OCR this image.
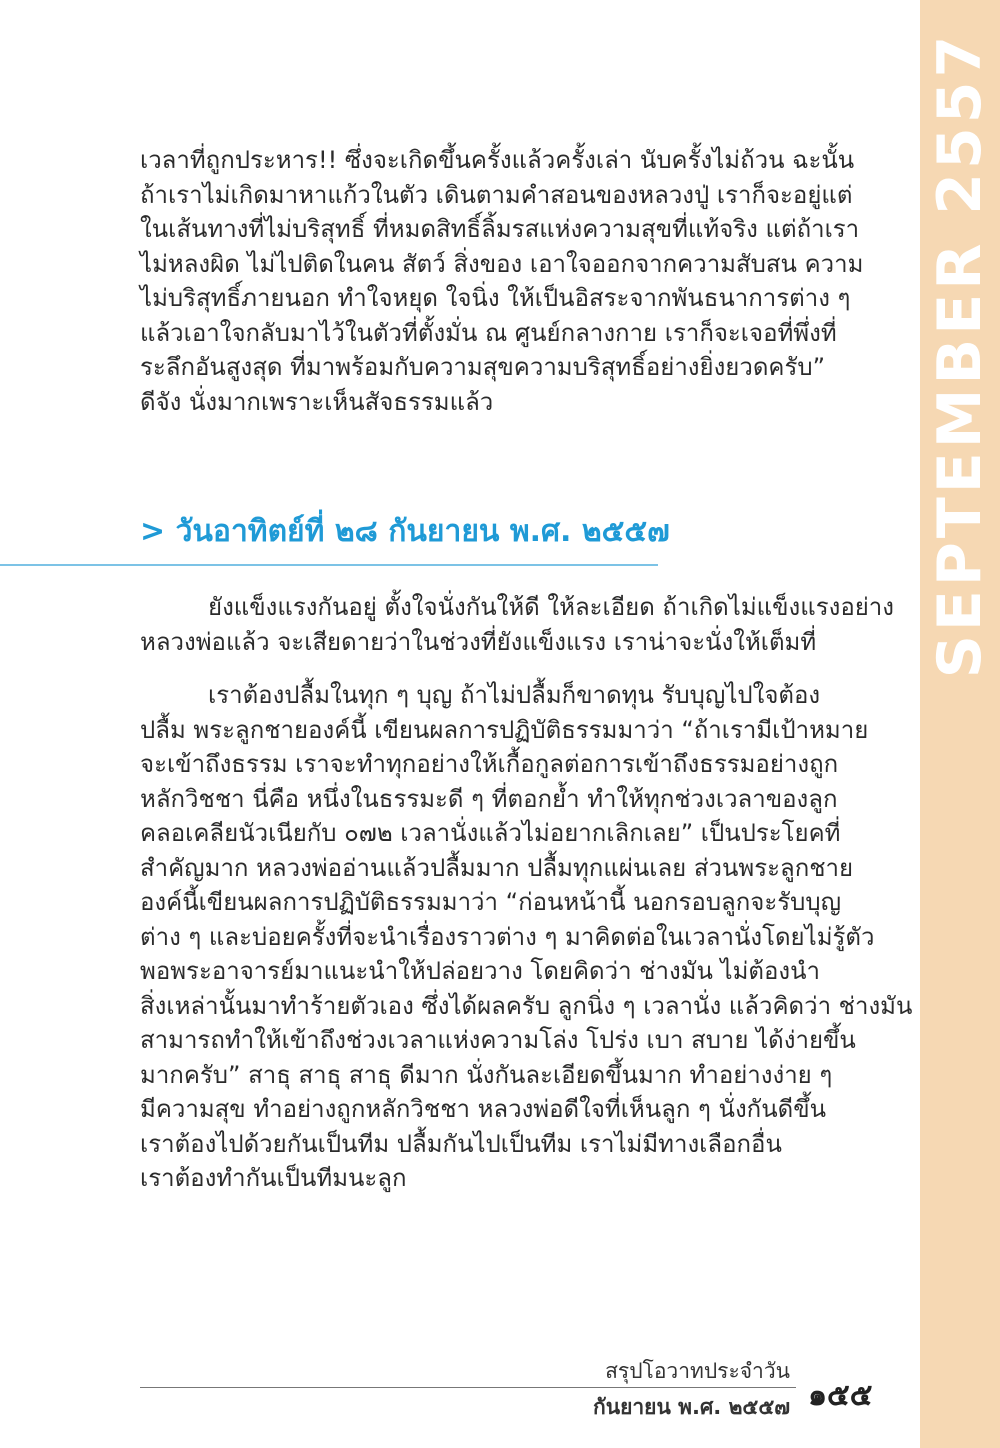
SEPTEMBER 2557
เวลาที่ถูกประหาร!! ซึ่งจะเกิดขึ้นครั้งแล้วครั้งเล่า นับครั้งไม่ถ้วน ฉะนั้น
ถ้าเราไม่เกิดมาหาแก้วในตัว เดินตามคำสอนของหลวงปู่ เราก็จะอยู่แต่
ในเส้นทางที่ไม่บริสุทธิ์ ที่หมดสิทธิ์ลิ้มรสแห่งความสุขที่แท้จริง แต่ถ้าเรา
ไม่หลงผิด ไม่ไปติดในคน สัตว์ สิ่งของ เอาใจออกจากความสับสน ความ
ไม่บริสุทธิ์ภายนอก ทำใจหยุด ใจนิ่ง ให้เป็นอิสระจากพันธนาการต่าง ๆ
แล้วเอาใจกลับมาไว้ในตัวที่ตั้งมั่น ณ ศูนย์กลางกาย เราก็จะเจอที่พึ่งที่
ระลึกอันสูงสุด ที่มาพร้อมกับความสุขความบริสุทธิ์อย่างยิ่งยวดครับ”
ดีจัง นั่งมากเพราะเห็นสัจธรรมแล้ว
> วันอาทิตย์ที่ ๒๘ กันยายน พ.ศ. ๒๕๕๗
ยังแข็งแรงกันอยู่ ตั้งใจนั่งกันให้ดี ให้ละเอียด ถ้าเกิดไม่แข็งแรงอย่าง
หลวงพ่อแล้ว จะเสียดายว่าในช่วงที่ยังแข็งแรง เราน่าจะนั่งให้เต็มที่
เราต้องปลื้มในทุก ๆ บุญ ถ้าไม่ปลื้มก็ขาดทุน รับบุญไปใจต้อง
ปลื้ม พระลูกชายองค์นี้ เขียนผลการปฏิบัติธรรมมาว่า “ถ้าเรามีเป้าหมาย
จะเข้าถึงธรรม เราจะทำทุกอย่างให้เกื้อกูลต่อการเข้าถึงธรรมอย่างถูก
หลักวิชชา นี่คือ หนึ่งในธรรมะดี ๆ ที่ตอกย้ำ ทำให้ทุกช่วงเวลาของลูก
คลอเคลียนัวเนียกับ ๐๗๒ เวลานั่งแล้วไม่อยากเลิกเลย” เป็นประโยคที่
สำคัญมาก หลวงพ่ออ่านแล้วปลื้มมาก ปลื้มทุกแผ่นเลย ส่วนพระลูกชาย
องค์นี้เขียนผลการปฏิบัติธรรมมาว่า “ก่อนหน้านี้ นอกรอบลูกจะรับบุญ
ต่าง ๆ และบ่อยครั้งที่จะนำเรื่องราวต่าง ๆ มาคิดต่อในเวลานั่งโดยไม่รู้ตัว
พอพระอาจารย์มาแนะนำให้ปล่อยวาง โดยคิดว่า ช่างมัน ไม่ต้องนำ
สิ่งเหล่านั้นมาทำร้ายตัวเอง ซึ่งได้ผลครับ ลูกนิ่ง ๆ เวลานั่ง แล้วคิดว่า ช่างมัน
สามารถทำให้เข้าถึงช่วงเวลาแห่งความโล่ง โปร่ง เบา สบาย ได้ง่ายขึ้น
มากครับ” สาธุ สาธุ สาธุ ดีมาก นั่งกันละเอียดขึ้นมาก ทำอย่างง่าย ๆ
มีความสุข ทำอย่างถูกหลักวิชชา หลวงพ่อดีใจที่เห็นลูก ๆ นั่งกันดีขึ้น
เราต้องไปด้วยกันเป็นทีม ปลื้มกันไปเป็นทีม เราไม่มีทางเลือกอื่น
เราต้องทำกันเป็นทีมนะลูก
สรุปโอวาทประจำวัน
กันยายน พ.ศ. ๒๕๕๗ ๑๕๕
